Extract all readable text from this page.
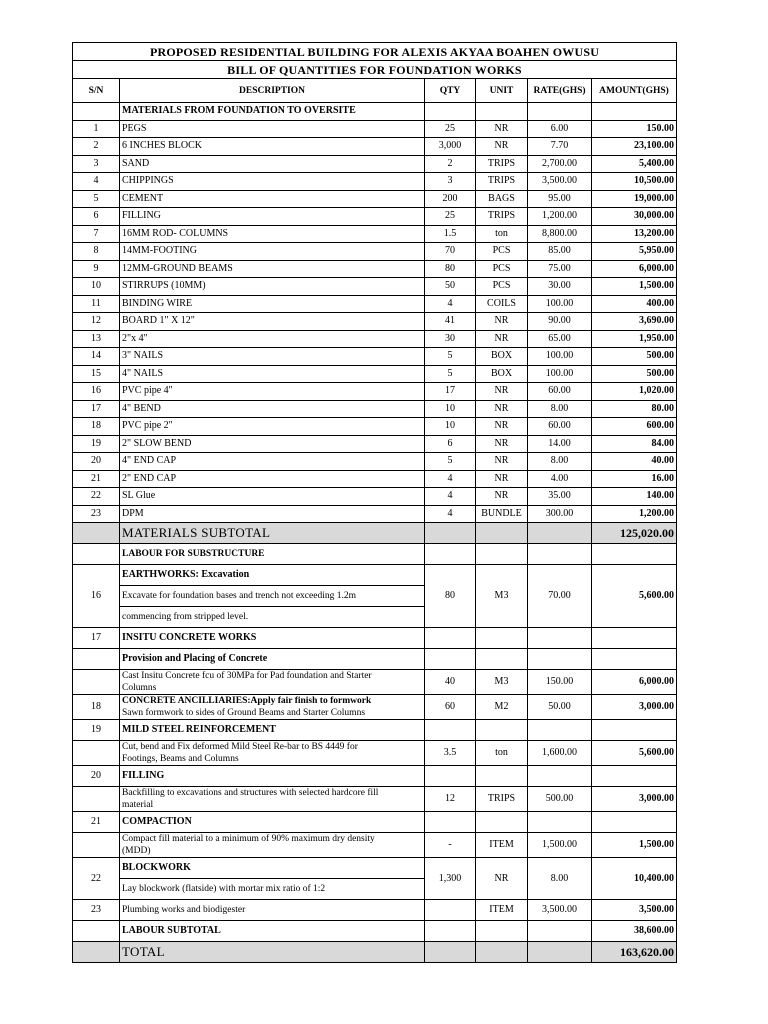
PROPOSED RESIDENTIAL BUILDING FOR ALEXIS AKYAA BOAHEN OWUSU					
BILL OF QUANTITIES FOR FOUNDATION WORKS					
S/N	DESCRIPTION	QTY	UNIT	RATE(GHS)	AMOUNT(GHS)
	MATERIALS FROM FOUNDATION TO OVERSITE				
1	PEGS	25	NR	6.00	150.00
2	6 INCHES BLOCK	3,000	NR	7.70	23,100.00
3	SAND	2	TRIPS	2,700.00	5,400.00
4	CHIPPINGS	3	TRIPS	3,500.00	10,500.00
5	CEMENT	200	BAGS	95.00	19,000.00
6	FILLING	25	TRIPS	1,200.00	30,000.00
7	16MM ROD- COLUMNS	1.5	ton	8,800.00	13,200.00
8	14MM-FOOTING	70	PCS	85.00	5,950.00
9	12MM-GROUND BEAMS	80	PCS	75.00	6,000.00
10	STIRRUPS (10MM)	50	PCS	30.00	1,500.00
11	BINDING WIRE	4	COILS	100.00	400.00
12	BOARD 1" X 12"	41	NR	90.00	3,690.00
13	2"x 4"	30	NR	65.00	1,950.00
14	3" NAILS	5	BOX	100.00	500.00
15	4" NAILS	5	BOX	100.00	500.00
16	PVC pipe 4"	17	NR	60.00	1,020.00
17	4" BEND	10	NR	8.00	80.00
18	PVC pipe 2"	10	NR	60.00	600.00
19	2" SLOW BEND	6	NR	14.00	84.00
20	4" END CAP	5	NR	8.00	40.00
21	2" END CAP	4	NR	4.00	16.00
22	SL Glue	4	NR	35.00	140.00
23	DPM	4	BUNDLE	300.00	1,200.00
	MATERIALS SUBTOTAL				125,020.00
	LABOUR FOR SUBSTRUCTURE				
16	EARTHWORKS: Excavation	80	M3	70.00	5,600.00
	Excavate for foundation bases and trench not exceeding 1.2m				
	commencing from stripped level.				
17	INSITU CONCRETE WORKS				
	Provision and Placing of Concrete				

	Cast Insitu Concrete fcu of 30MPa for Pad foundation and Starter
Columns	40	M3	150.00	6,000.00
18	CONCRETE ANCILLIARIES:Apply fair finish to formwork
Sawn formwork to sides of Ground Beams and Starter Columns	60	M2	50.00	3,000.00
19	MILD STEEL REINFORCEMENT				

	Cut, bend and Fix deformed Mild Steel Re-bar to BS 4449 for
Footings, Beams and Columns	3.5	ton	1,600.00	5,600.00
20	FILLING				

	Backfilling to excavations and structures with selected hardcore fill
material	12	TRIPS	500.00	3,000.00
21	COMPACTION				

	Compact fill material to a minimum of 90% maximum dry density
(MDD)	-	ITEM	1,500.00	1,500.00
22	BLOCKWORK	1,300	NR	8.00	10,400.00
	Lay blockwork (flatside) with mortar mix ratio of 1:2				
23	Plumbing works and biodigester		ITEM	3,500.00	3,500.00
	LABOUR SUBTOTAL				38,600.00
	TOTAL				163,620.00
